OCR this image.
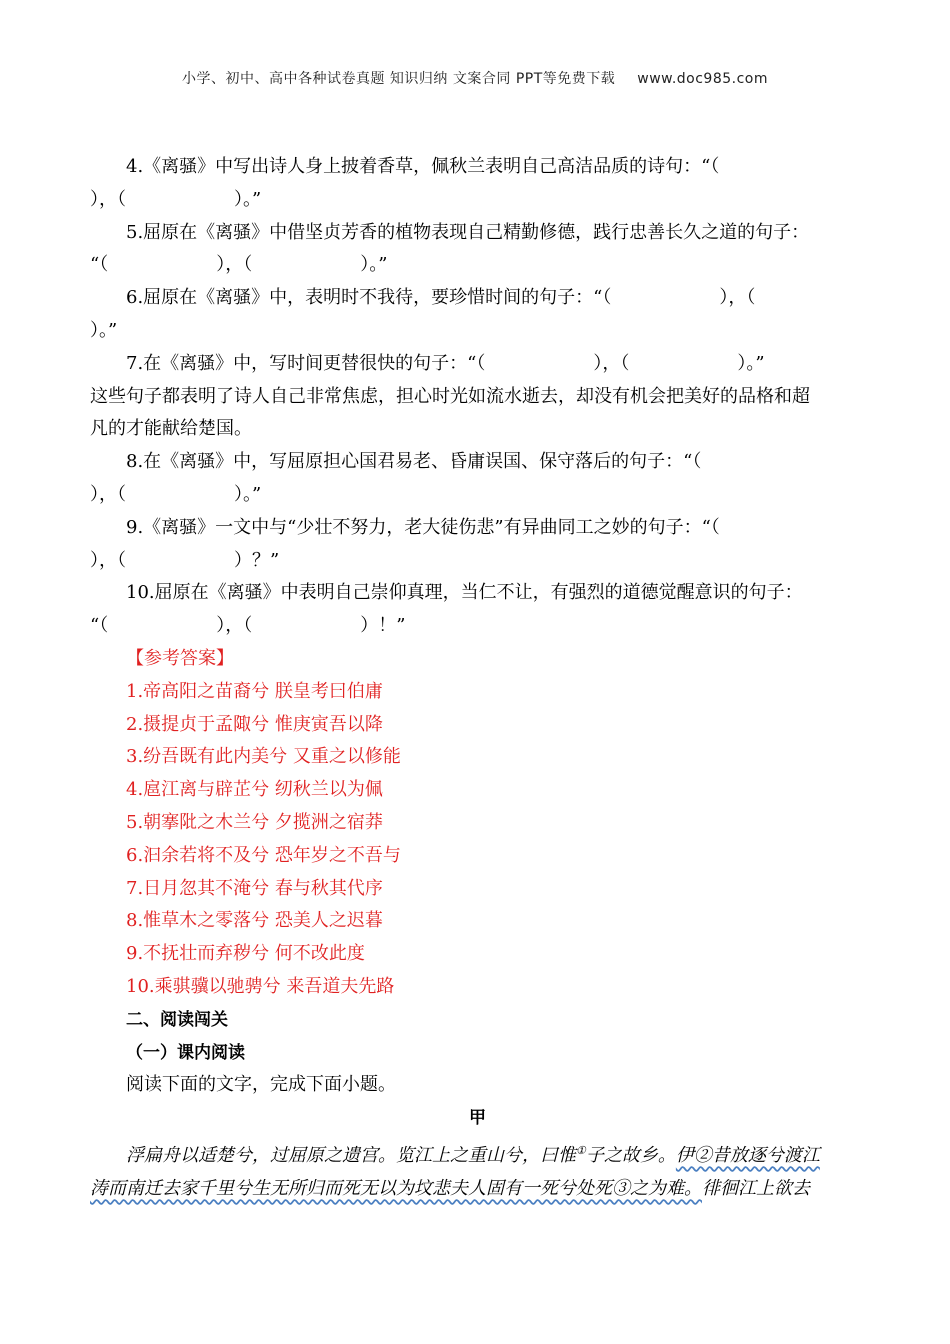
小学、初中、高中各种试卷真题 知识归纳 文案合同 PPT等免费下载 www.doc985.com

4.《离骚》中写出诗人身上披着香草，佩秋兰表明自己高洁品质的诗句：“（

），（　　　　　　）。”

5.屈原在《离骚》中借坚贞芳香的植物表现自己精勤修德，践行忠善长久之道的句子：

“（　　　　　　），（　　　　　　）。”

6.屈原在《离骚》中，表明时不我待，要珍惜时间的句子：“（　　　　　　），（

）。”

7.在《离骚》中，写时间更替很快的句子：“（　　　　　　），（　　　　　　）。”

这些句子都表明了诗人自己非常焦虑，担心时光如流水逝去，却没有机会把美好的品格和超

凡的才能献给楚国。

8.在《离骚》中，写屈原担心国君易老、昏庸误国、保守落后的句子：“（

），（　　　　　　）。”

9.《离骚》一文中与“少壮不努力，老大徒伤悲”有异曲同工之妙的句子：“（

），（　　　　　　）？”

10.屈原在《离骚》中表明自己崇仰真理，当仁不让，有强烈的道德觉醒意识的句子：

“（　　　　　　），（　　　　　　）！”

【参考答案】

1.帝高阳之苗裔兮 朕皇考曰伯庸

2.摄提贞于孟陬兮 惟庚寅吾以降

3.纷吾既有此内美兮 又重之以修能

4.扈江离与辟芷兮 纫秋兰以为佩

5.朝搴阰之木兰兮 夕揽洲之宿莽

6.汩余若将不及兮 恐年岁之不吾与

7.日月忽其不淹兮 春与秋其代序

8.惟草木之零落兮 恐美人之迟暮

9.不抚壮而弃秽兮 何不改此度

10.乘骐骥以驰骋兮 来吾道夫先路

二、阅读闯关

（一）课内阅读

阅读下面的文字，完成下面小题。

甲

浮扁舟以适楚兮，过屈原之遗宫。览江上之重山兮，曰惟①子之故乡。伊②昔放逐兮渡江

涛而南迁去家千里兮生无所归而死无以为坟悲夫人固有一死兮处死③之为难。徘徊江上欲去
